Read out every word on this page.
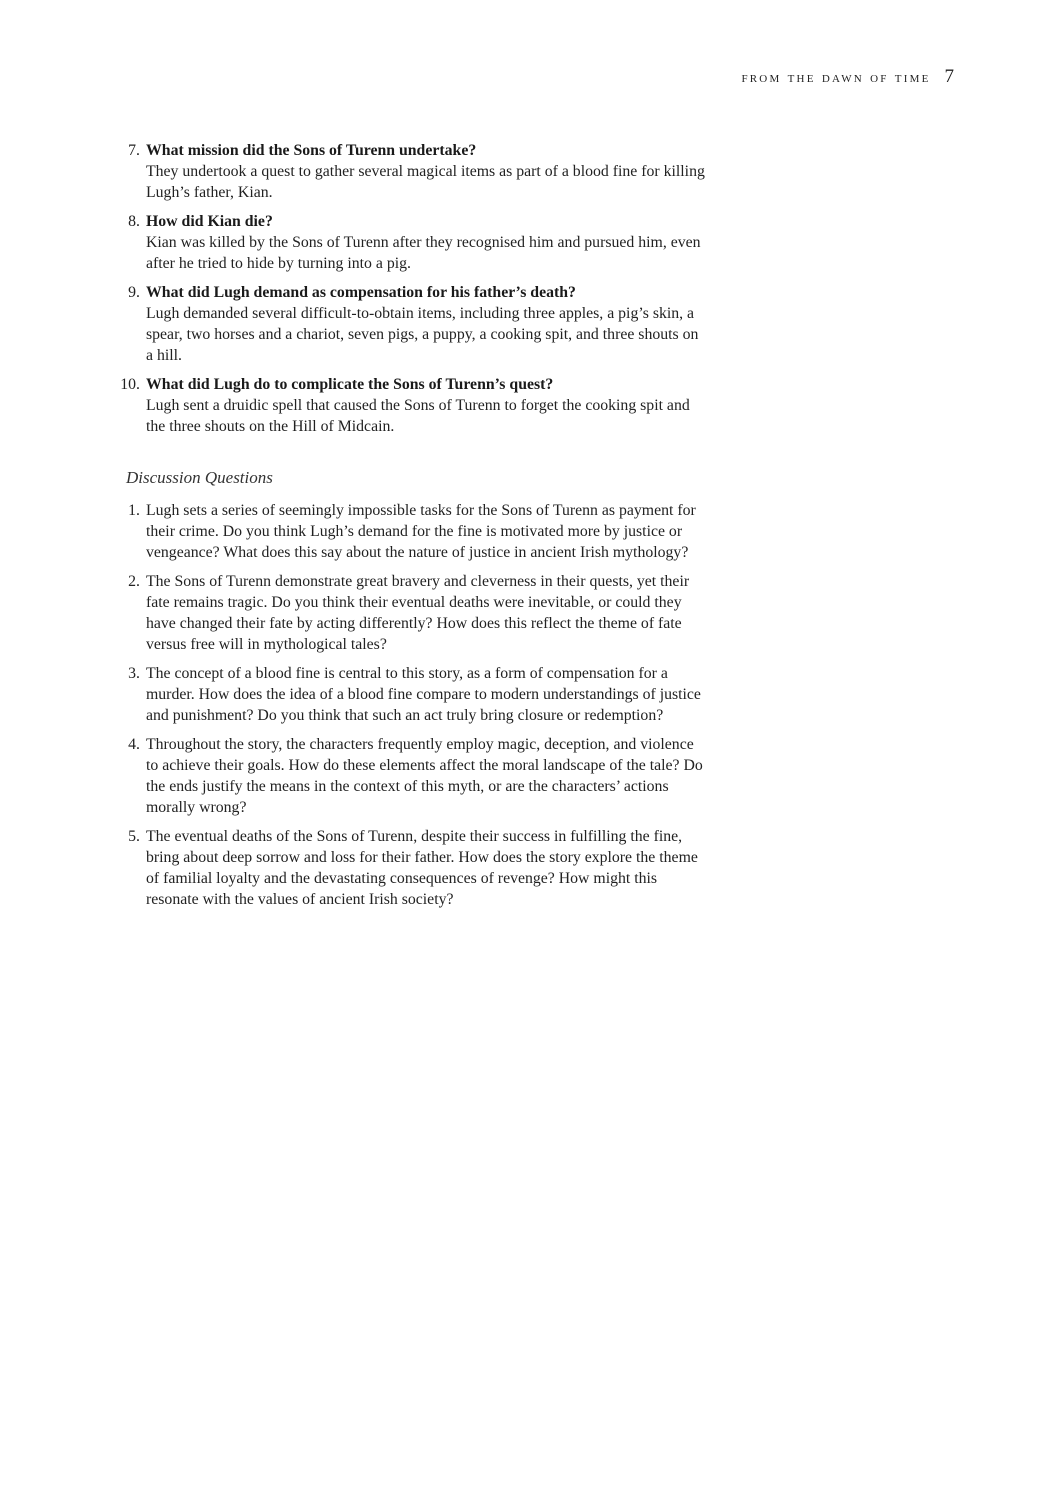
from the dawn of time 7
7. What mission did the Sons of Turenn undertake?
They undertook a quest to gather several magical items as part of a blood fine for killing Lugh’s father, Kian.
8. How did Kian die?
Kian was killed by the Sons of Turenn after they recognised him and pursued him, even after he tried to hide by turning into a pig.
9. What did Lugh demand as compensation for his father’s death?
Lugh demanded several difficult-to-obtain items, including three apples, a pig’s skin, a spear, two horses and a chariot, seven pigs, a puppy, a cooking spit, and three shouts on a hill.
10. What did Lugh do to complicate the Sons of Turenn’s quest?
Lugh sent a druidic spell that caused the Sons of Turenn to forget the cooking spit and the three shouts on the Hill of Midcain.
Discussion Questions
1. Lugh sets a series of seemingly impossible tasks for the Sons of Turenn as payment for their crime. Do you think Lugh’s demand for the fine is motivated more by justice or vengeance? What does this say about the nature of justice in ancient Irish mythology?
2. The Sons of Turenn demonstrate great bravery and cleverness in their quests, yet their fate remains tragic. Do you think their eventual deaths were inevitable, or could they have changed their fate by acting differently? How does this reflect the theme of fate versus free will in mythological tales?
3. The concept of a blood fine is central to this story, as a form of compensation for a murder. How does the idea of a blood fine compare to modern understandings of justice and punishment? Do you think that such an act truly bring closure or redemption?
4. Throughout the story, the characters frequently employ magic, deception, and violence to achieve their goals. How do these elements affect the moral landscape of the tale? Do the ends justify the means in the context of this myth, or are the characters’ actions morally wrong?
5. The eventual deaths of the Sons of Turenn, despite their success in fulfilling the fine, bring about deep sorrow and loss for their father. How does the story explore the theme of familial loyalty and the devastating consequences of revenge? How might this resonate with the values of ancient Irish society?
